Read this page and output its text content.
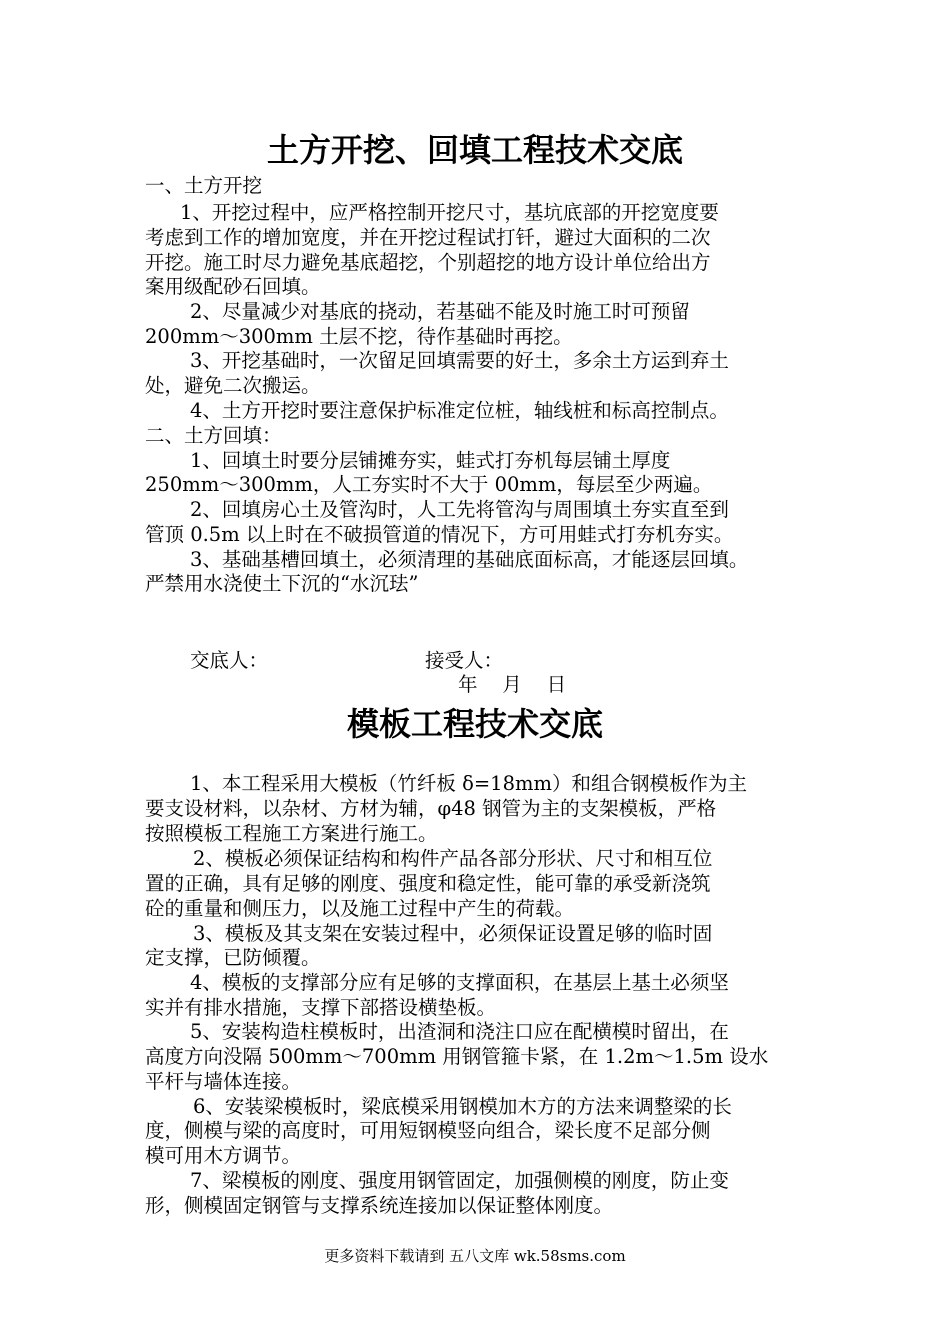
土方开挖、回填工程技术交底
一、土方开挖
1、开挖过程中，应严格控制开挖尺寸，基坑底部的开挖宽度要
考虑到工作的增加宽度，并在开挖过程试打钎，避过大面积的二次
开挖。施工时尽力避免基底超挖，个别超挖的地方设计单位给出方
案用级配砂石回填。
2、尽量减少对基底的挠动，若基础不能及时施工时可预留
200mm～300mm 土层不挖，待作基础时再挖。
3、开挖基础时，一次留足回填需要的好土，多余土方运到弃土
处，避免二次搬运。
4、土方开挖时要注意保护标准定位桩，轴线桩和标高控制点。
二、土方回填：
1、回填土时要分层铺摊夯实，蛙式打夯机每层铺土厚度
250mm～300mm，人工夯实时不大于 00mm，每层至少两遍。
2、回填房心土及管沟时，人工先将管沟与周围填土夯实直至到
管顶 0.5m 以上时在不破损管道的情况下，方可用蛙式打夯机夯实。
3、基础基槽回填土，必须清理的基础底面标高，才能逐层回填。
严禁用水浇使土下沉的“水沉珐”
交底人：	接受人：
年    月    日
模板工程技术交底
1、本工程采用大模板（竹纤板 δ=18mm）和组合钢模板作为主
要支设材料，以杂材、方材为辅，φ48 钢管为主的支架模板，严格
按照模板工程施工方案进行施工。
2、模板必须保证结构和构件产品各部分形状、尺寸和相互位
置的正确，具有足够的刚度、强度和稳定性，能可靠的承受新浇筑
砼的重量和侧压力，以及施工过程中产生的荷载。
3、模板及其支架在安装过程中，必须保证设置足够的临时固
定支撑，已防倾覆。
4、模板的支撑部分应有足够的支撑面积，在基层上基土必须坚
实并有排水措施，支撑下部搭设横垫板。
5、安装构造柱模板时，出渣洞和浇注口应在配横模时留出，在
高度方向没隔 500mm～700mm 用钢管箍卡紧，在 1.2m～1.5m 设水
平杆与墙体连接。
6、安装梁模板时，梁底模采用钢模加木方的方法来调整梁的长
度，侧模与梁的高度时，可用短钢模竖向组合，梁长度不足部分侧
模可用木方调节。
7、梁模板的刚度、强度用钢管固定，加强侧模的刚度，防止变
形，侧模固定钢管与支撑系统连接加以保证整体刚度。
更多资料下载请到 五八文库 wk.58sms.com
